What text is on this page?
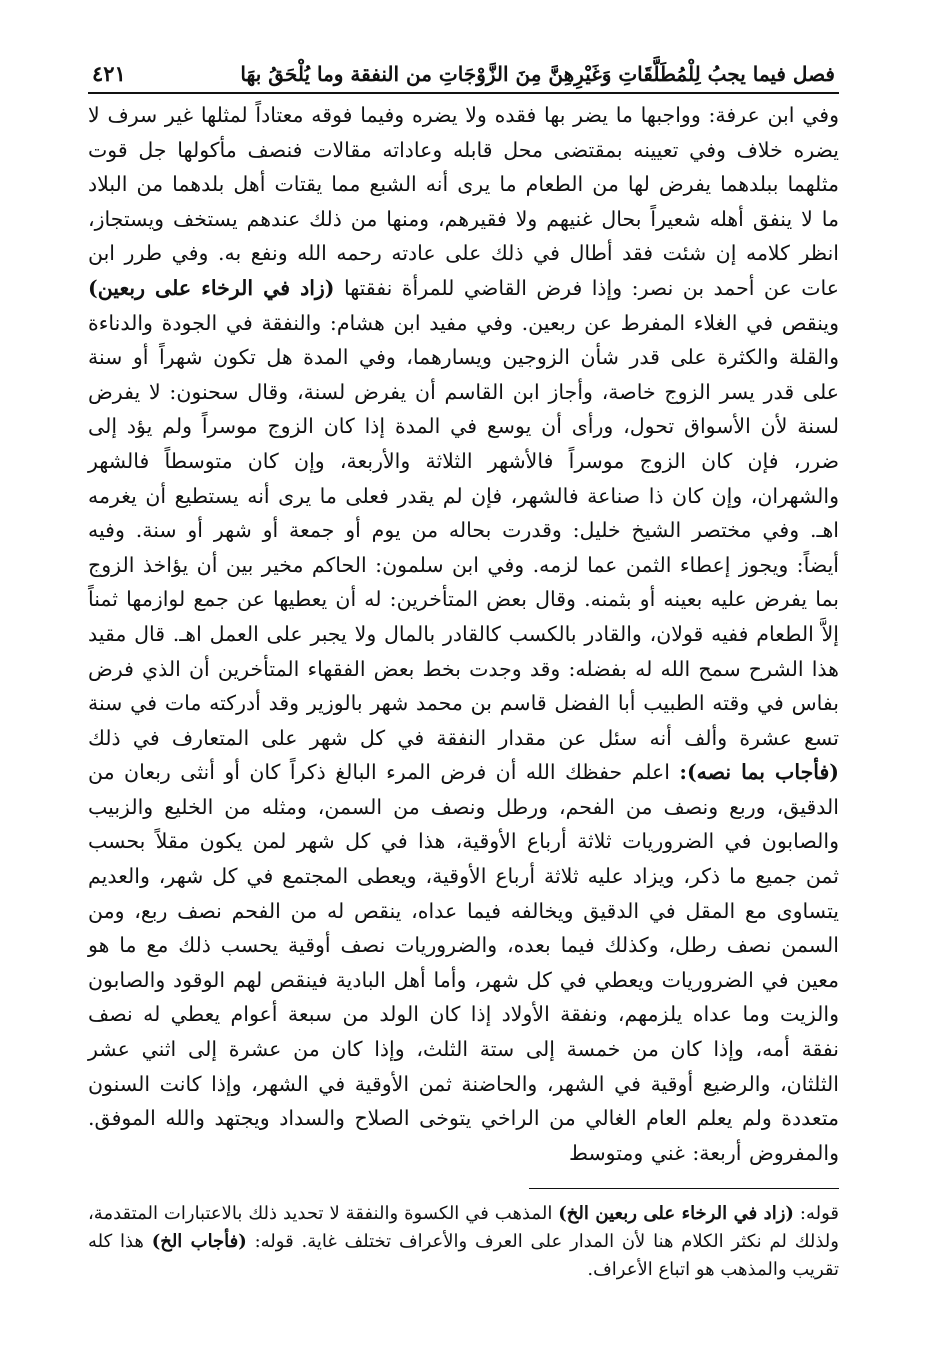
فصل فيما يجبُ لِلْمُطَلَّقَاتِ وَغَيْرِهِنَّ مِنَ الزَّوْجَاتِ من النفقة وما يُلْحَقُ بهَا
٤٢١

وفي ابن عرفة: وواجبها ما يضر بها فقده ولا يضره وفيما فوقه معتاداً لمثلها غير سرف لا يضره خلاف وفي تعيينه بمقتضى محل قابله وعاداته مقالات فنصف مأكولها جل قوت مثلهما ببلدهما يفرض لها من الطعام ما يرى أنه الشبع مما يقتات أهل بلدهما من البلاد ما لا ينفق أهله شعيراً بحال غنيهم ولا فقيرهم، ومنها من ذلك عندهم يستخف ويستجاز، انظر كلامه إن شئت فقد أطال في ذلك على عادته رحمه الله ونفع به. وفي طرر ابن عات عن أحمد بن نصر: وإذا فرض القاضي للمرأة نفقتها (زاد في الرخاء على ربعين) وينقص في الغلاء المفرط عن ربعين. وفي مفيد ابن هشام: والنفقة في الجودة والدناءة والقلة والكثرة على قدر شأن الزوجين ويسارهما، وفي المدة هل تكون شهراً أو سنة على قدر يسر الزوج خاصة، وأجاز ابن القاسم أن يفرض لسنة، وقال سحنون: لا يفرض لسنة لأن الأسواق تحول، ورأى أن يوسع في المدة إذا كان الزوج موسراً ولم يؤد إلى ضرر، فإن كان الزوج موسراً فالأشهر الثلاثة والأربعة، وإن كان متوسطاً فالشهر والشهران، وإن كان ذا صناعة فالشهر، فإن لم يقدر فعلى ما يرى أنه يستطيع أن يغرمه اهـ. وفي مختصر الشيخ خليل: وقدرت بحاله من يوم أو جمعة أو شهر أو سنة. وفيه أيضاً: ويجوز إعطاء الثمن عما لزمه. وفي ابن سلمون: الحاكم مخير بين أن يؤاخذ الزوج بما يفرض عليه بعينه أو بثمنه. وقال بعض المتأخرين: له أن يعطيها عن جمع لوازمها ثمناً إلاَّ الطعام ففيه قولان، والقادر بالكسب كالقادر بالمال ولا يجبر على العمل اهـ. قال مقيد هذا الشرح سمح الله له بفضله: وقد وجدت بخط بعض الفقهاء المتأخرين أن الذي فرض بفاس في وقته الطبيب أبا الفضل قاسم بن محمد شهر بالوزير وقد أدركته مات في سنة تسع عشرة وألف أنه سئل عن مقدار النفقة في كل شهر على المتعارف في ذلك (فأجاب بما نصه): اعلم حفظك الله أن فرض المرء البالغ ذكراً كان أو أنثى ربعان من الدقيق، وربع ونصف من الفحم، ورطل ونصف من السمن، ومثله من الخليع والزبيب والصابون في الضروريات ثلاثة أرباع الأوقية، هذا في كل شهر لمن يكون مقلاً بحسب ثمن جميع ما ذكر، ويزاد عليه ثلاثة أرباع الأوقية، ويعطى المجتمع في كل شهر، والعديم يتساوى مع المقل في الدقيق ويخالفه فيما عداه، ينقص له من الفحم نصف ربع، ومن السمن نصف رطل، وكذلك فيما بعده، والضروريات نصف أوقية يحسب ذلك مع ما هو معين في الضروريات ويعطي في كل شهر، وأما أهل البادية فينقص لهم الوقود والصابون والزيت وما عداه يلزمهم، ونفقة الأولاد إذا كان الولد من سبعة أعوام يعطي له نصف نفقة أمه، وإذا كان من خمسة إلى ستة الثلث، وإذا كان من عشرة إلى اثني عشر الثلثان، والرضيع أوقية في الشهر، والحاضنة ثمن الأوقية في الشهر، وإذا كانت السنون متعددة ولم يعلم العام الغالي من الراخي يتوخى الصلاح والسداد ويجتهد والله الموفق. والمفروض أربعة: غني ومتوسط

قوله: (زاد في الرخاء على ربعين الخ) المذهب في الكسوة والنفقة لا تحديد ذلك بالاعتبارات المتقدمة، ولذلك لم نكثر الكلام هنا لأن المدار على العرف والأعراف تختلف غاية. قوله: (فأجاب الخ) هذا كله تقريب والمذهب هو اتباع الأعراف.
